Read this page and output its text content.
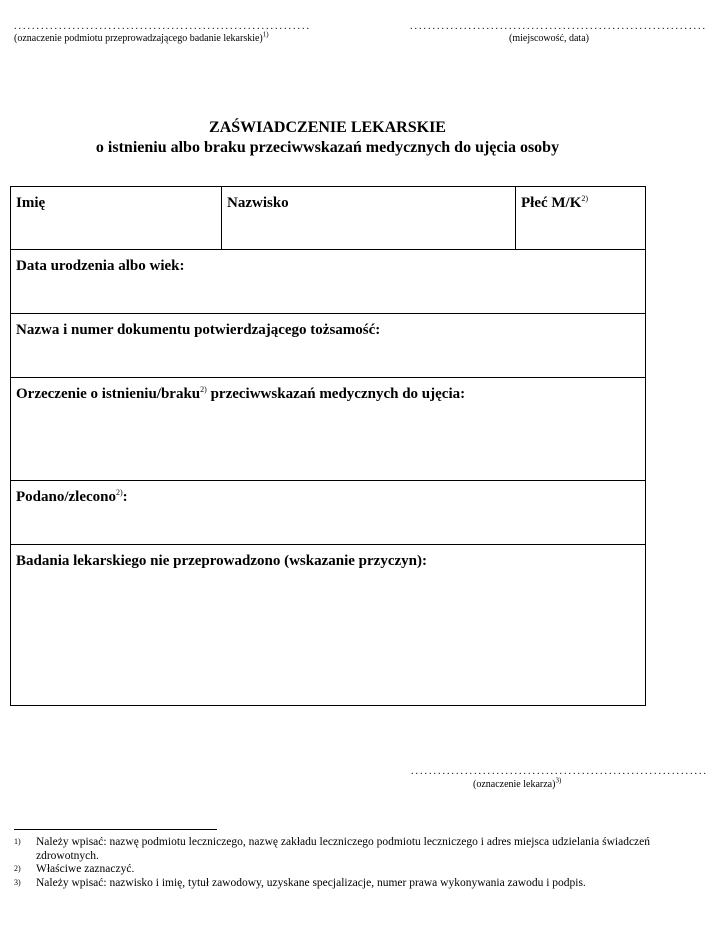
..................................................................
(oznaczenie podmiotu przeprowadzającego badanie lekarskie)$^{1)}$
..................................................................
(miejscowość, data)
ZAŚWIADCZENIE LEKARSKIE
o istnieniu albo braku przeciwwskazań medycznych do ujęcia osoby
Imię	Nazwisko	Płeć $M/K^{2)}$
Data urodzenia albo wiek:
Nazwa i numer dokumentu potwierdzającego tożsamość:
Orzeczenie o istnieniu/braku$^{2)}$ przeciwwskazań medycznych do ujęcia:
Podano/zlecono$^{2)}$:
Badania lekarskiego nie przeprowadzono (wskazanie przyczyn):
..................................................................
(oznaczenie lekarza)$^{3)}$
1) Należy wpisać: nazwę podmiotu leczniczego, nazwę zakładu leczniczego podmiotu leczniczego i adres miejsca udzielania świadczeń zdrowotnych.
2) Właściwe zaznaczyć.
3) Należy wpisać: nazwisko i imię, tytuł zawodowy, uzyskane specjalizacje, numer prawa wykonywania zawodu i podpis.
